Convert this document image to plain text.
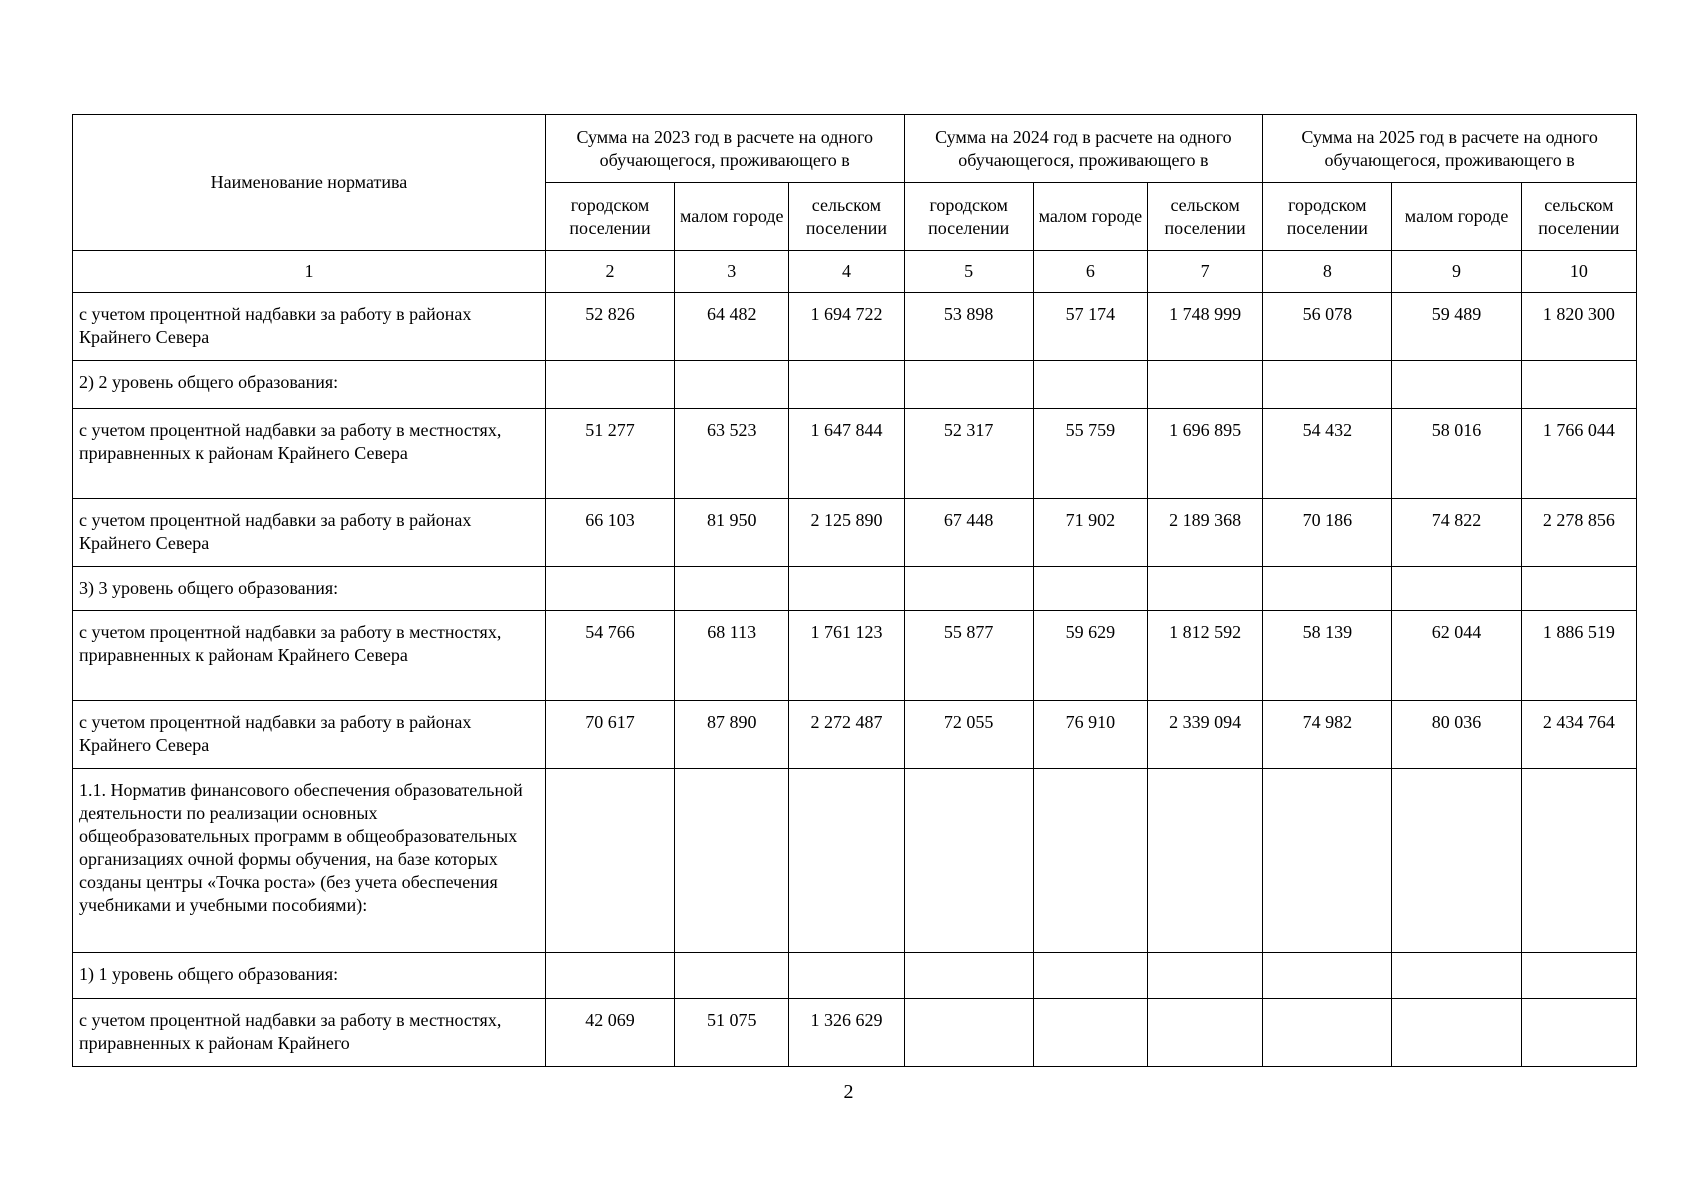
Наименование норматива	Сумма на 2023 год в расчете на одного обучающегося, проживающего в			Сумма на 2024 год в расчете на одного обучающегося, проживающего в			Сумма на 2025 год в расчете на одного обучающегося, проживающего в		
	городском поселении	малом городе	сельском поселении	городском поселении	малом городе	сельском поселении	городском поселении	малом городе	сельском поселении
1	2	3	4	5	6	7	8	9	10
с учетом процентной надбавки за работу в районах Крайнего Севера	52 826	64 482	1 694 722	53 898	57 174	1 748 999	56 078	59 489	1 820 300
2) 2 уровень общего образования:									
с учетом процентной надбавки за работу в местностях, приравненных к районам Крайнего Севера	51 277	63 523	1 647 844	52 317	55 759	1 696 895	54 432	58 016	1 766 044
с учетом процентной надбавки за работу в районах Крайнего Севера	66 103	81 950	2 125 890	67 448	71 902	2 189 368	70 186	74 822	2 278 856
3) 3 уровень общего образования:									
с учетом процентной надбавки за работу в местностях, приравненных к районам Крайнего Севера	54 766	68 113	1 761 123	55 877	59 629	1 812 592	58 139	62 044	1 886 519
с учетом процентной надбавки за работу в районах Крайнего Севера	70 617	87 890	2 272 487	72 055	76 910	2 339 094	74 982	80 036	2 434 764
1.1. Норматив финансового обеспечения образовательной деятельности по реализации основных общеобразовательных программ в общеобразовательных организациях очной формы обучения, на базе которых созданы центры «Точка роста» (без учета обеспечения учебниками и учебными пособиями):									
1) 1 уровень общего образования:									
с учетом процентной надбавки за работу в местностях, приравненных к районам Крайнего	42 069	51 075	1 326 629						
2
